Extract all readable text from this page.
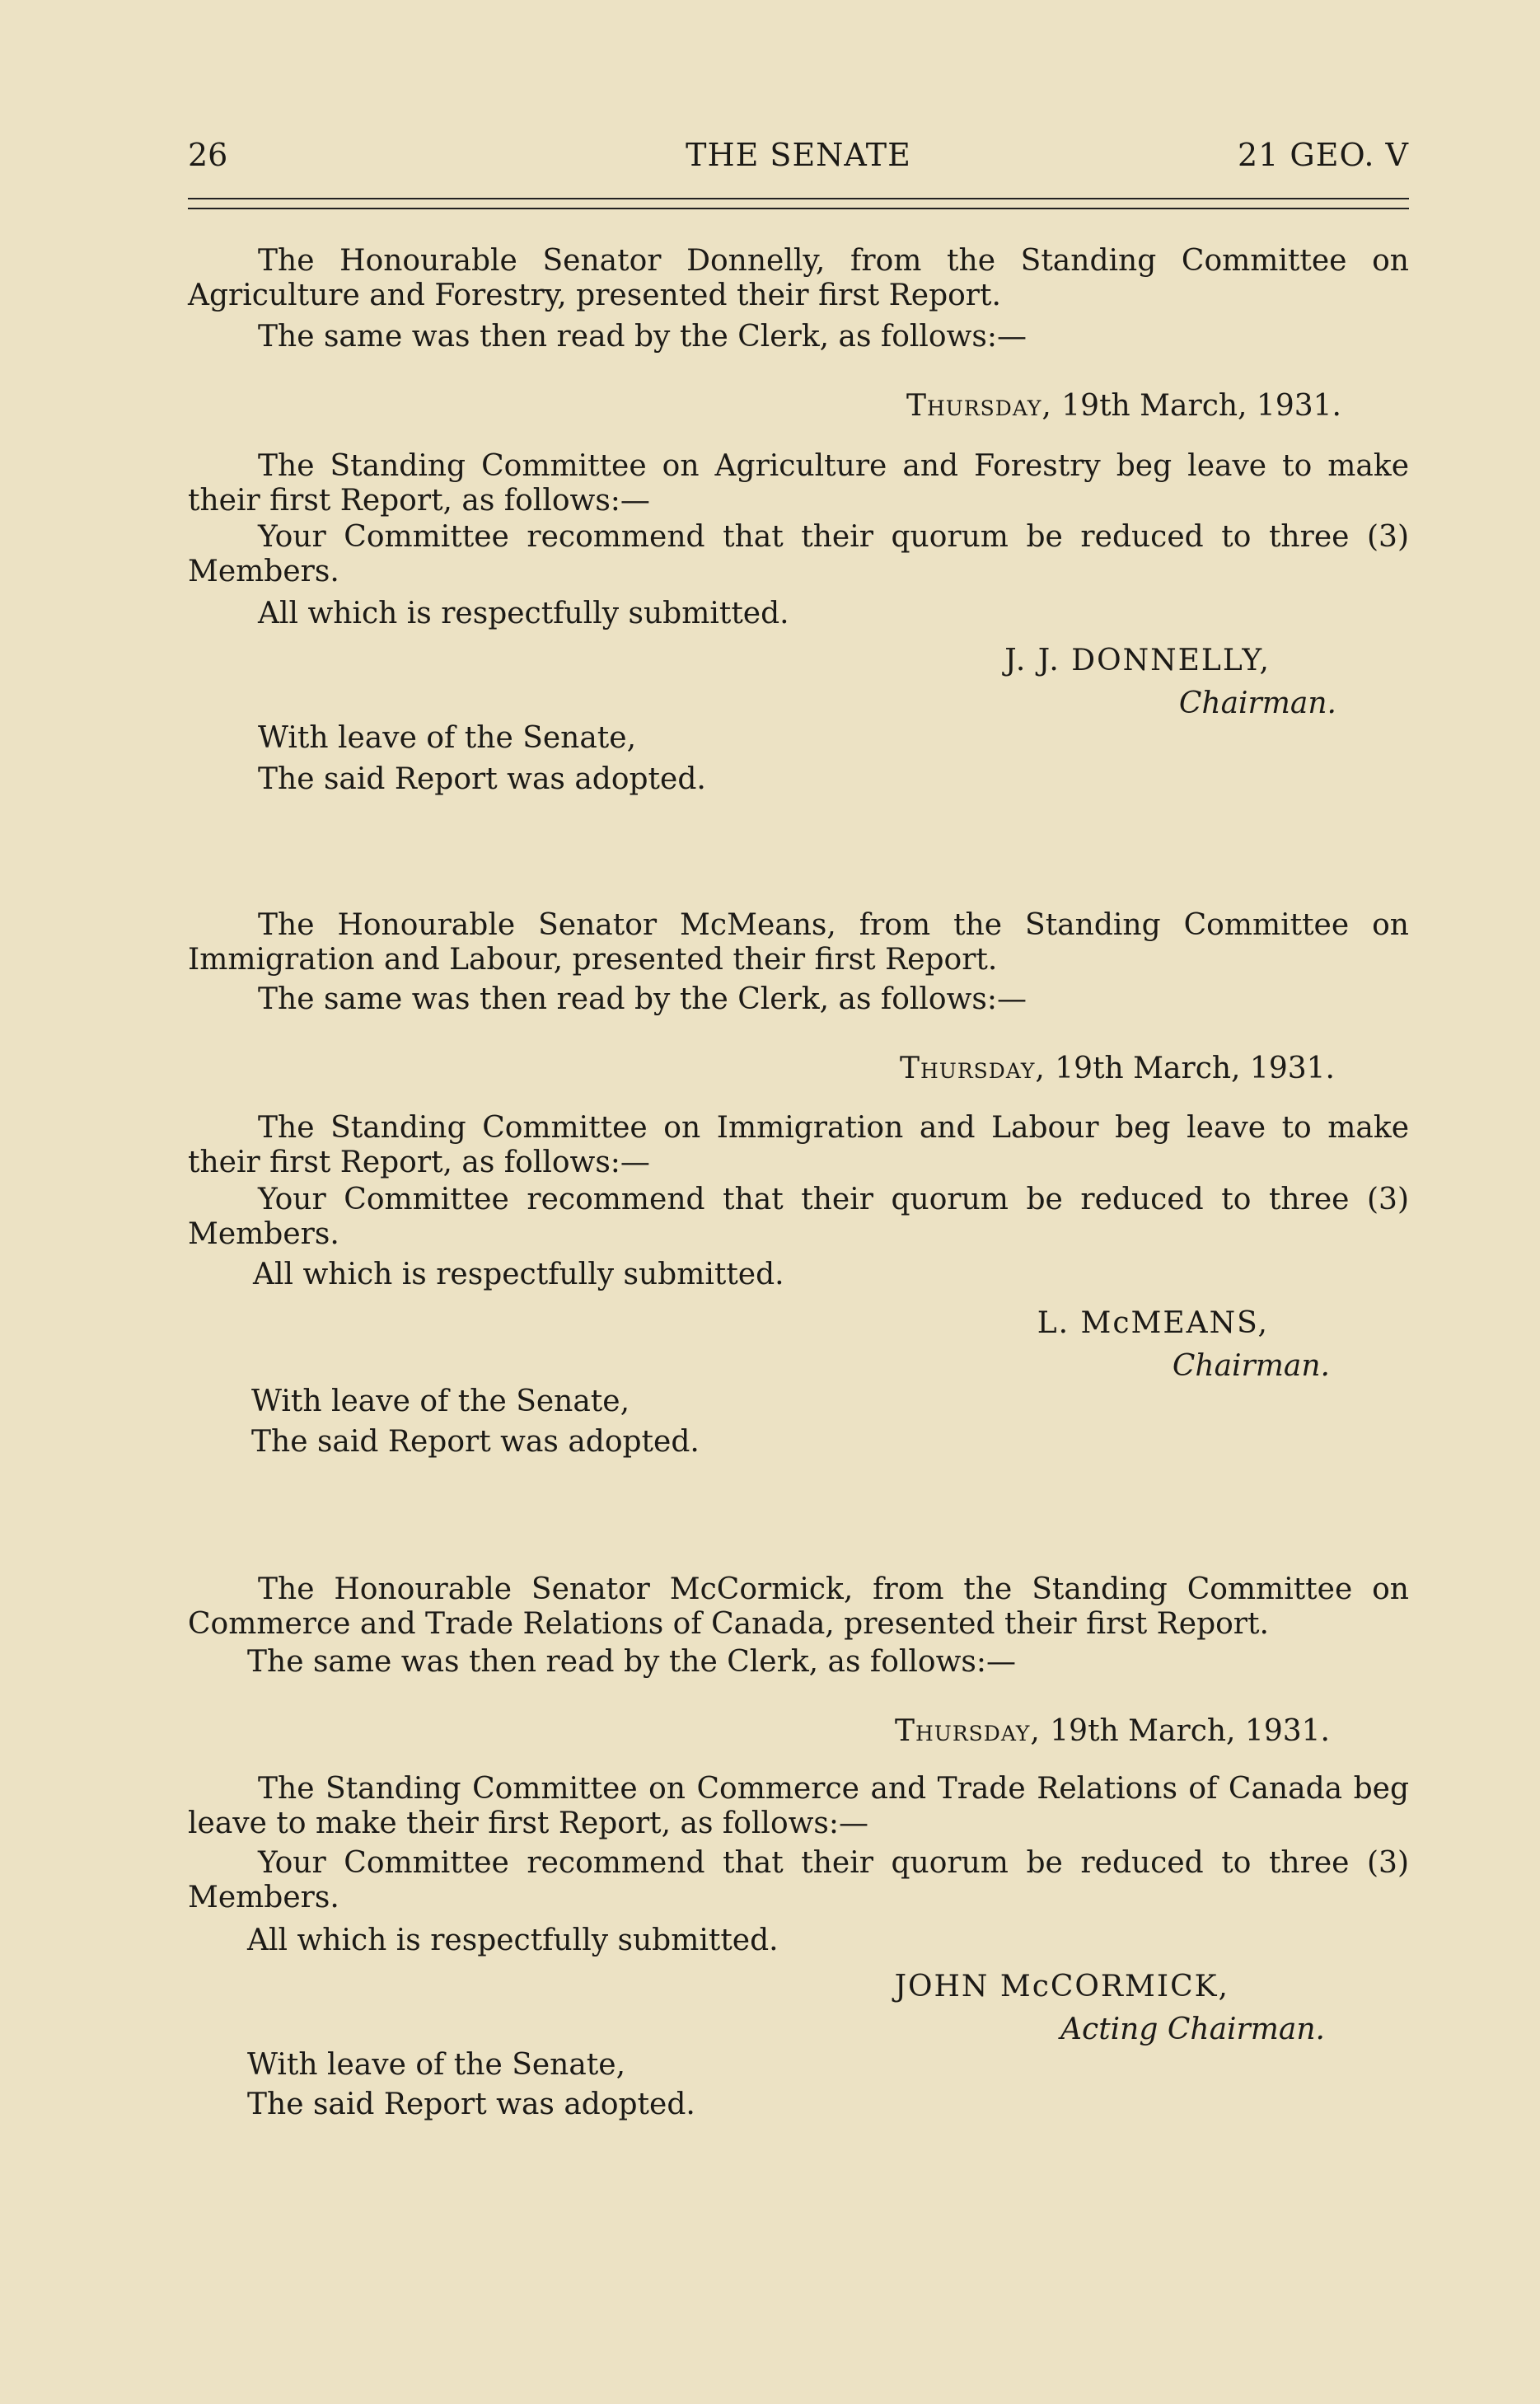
26	THE SENATE	21 GEO. V
The Honourable Senator Donnelly, from the Standing Committee on Agriculture and Forestry, presented their first Report.
The same was then read by the Clerk, as follows:—
Thursday, 19th March, 1931.
The Standing Committee on Agriculture and Forestry beg leave to make their first Report, as follows:—
Your Committee recommend that their quorum be reduced to three (3) Members.
All which is respectfully submitted.
J. J. DONNELLY,
Chairman.
With leave of the Senate,
The said Report was adopted.
The Honourable Senator McMeans, from the Standing Committee on Immigration and Labour, presented their first Report.
The same was then read by the Clerk, as follows:—
Thursday, 19th March, 1931.
The Standing Committee on Immigration and Labour beg leave to make their first Report, as follows:—
Your Committee recommend that their quorum be reduced to three (3) Members.
All which is respectfully submitted.
L. McMEANS,
Chairman.
With leave of the Senate,
The said Report was adopted.
The Honourable Senator McCormick, from the Standing Committee on Commerce and Trade Relations of Canada, presented their first Report.
The same was then read by the Clerk, as follows:—
Thursday, 19th March, 1931.
The Standing Committee on Commerce and Trade Relations of Canada beg leave to make their first Report, as follows:—
Your Committee recommend that their quorum be reduced to three (3) Members.
All which is respectfully submitted.
JOHN McCORMICK,
Acting Chairman.
With leave of the Senate,
The said Report was adopted.
